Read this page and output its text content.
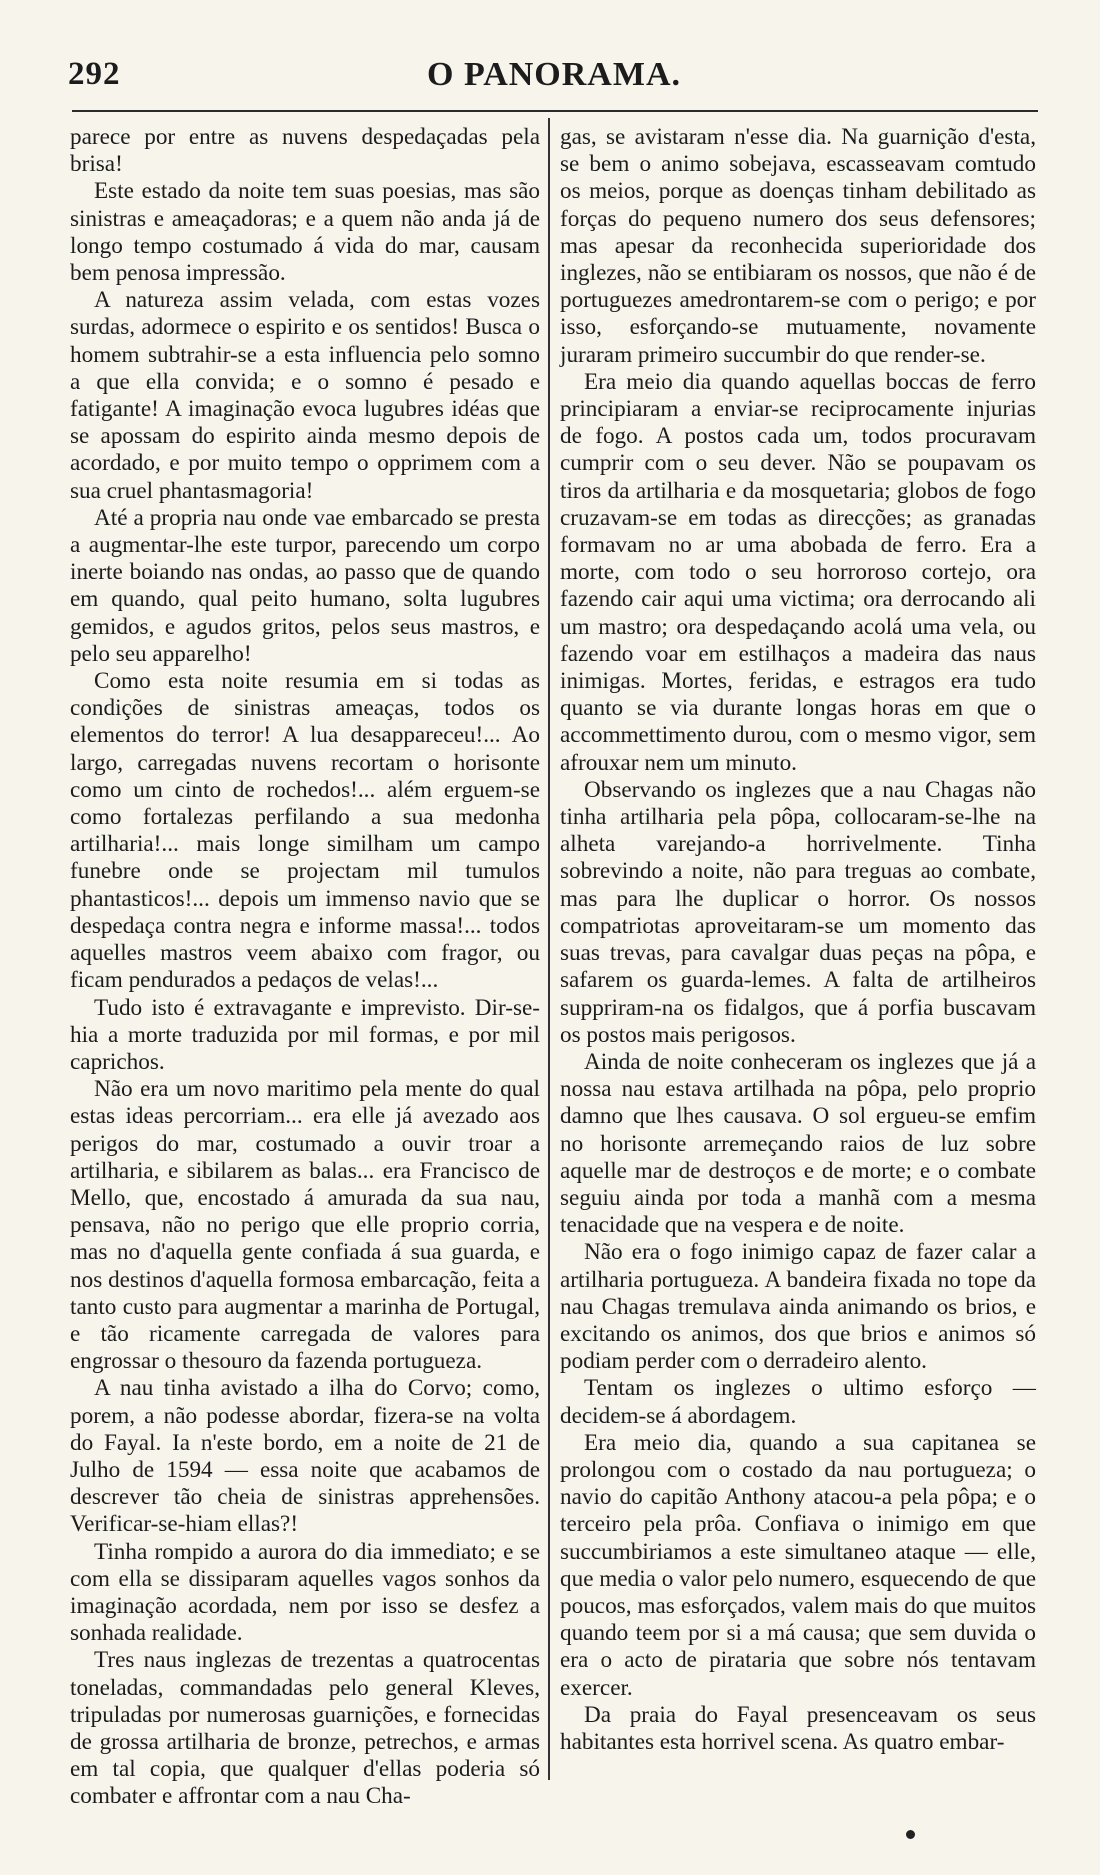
292	O PANORAMA.

parece por entre as nuvens despedaçadas pela brisa!

Este estado da noite tem suas poesias, mas são sinistras e ameaçadoras; e a quem não anda já de longo tempo costumado á vida do mar, causam bem penosa impressão.

A natureza assim velada, com estas vozes surdas, adormece o espirito e os sentidos! Busca o homem subtrahir-se a esta influencia pelo somno a que ella convida; e o somno é pesado e fatigante! A imaginação evoca lugubres idéas que se apossam do espirito ainda mesmo depois de acordado, e por muito tempo o opprimem com a sua cruel phantasmagoria!

Até a propria nau onde vae embarcado se presta a augmentar-lhe este turpor, parecendo um corpo inerte boiando nas ondas, ao passo que de quando em quando, qual peito humano, solta lugubres gemidos, e agudos gritos, pelos seus mastros, e pelo seu apparelho!

Como esta noite resumia em si todas as condições de sinistras ameaças, todos os elementos do terror! A lua desappareceu!... Ao largo, carregadas nuvens recortam o horisonte como um cinto de rochedos!... além erguem-se como fortalezas perfilando a sua medonha artilharia!... mais longe similham um campo funebre onde se projectam mil tumulos phantasticos!... depois um immenso navio que se despedaça contra negra e informe massa!... todos aquelles mastros veem abaixo com fragor, ou ficam pendurados a pedaços de velas!...

Tudo isto é extravagante e imprevisto. Dir-se-hia a morte traduzida por mil formas, e por mil caprichos.

Não era um novo maritimo pela mente do qual estas ideas percorriam... era elle já avezado aos perigos do mar, costumado a ouvir troar a artilharia, e sibilarem as balas... era Francisco de Mello, que, encostado á amurada da sua nau, pensava, não no perigo que elle proprio corria, mas no d'aquella gente confiada á sua guarda, e nos destinos d'aquella formosa embarcação, feita a tanto custo para augmentar a marinha de Portugal, e tão ricamente carregada de valores para engrossar o thesouro da fazenda portugueza.

A nau tinha avistado a ilha do Corvo; como, porem, a não podesse abordar, fizera-se na volta do Fayal. Ia n'este bordo, em a noite de 21 de Julho de 1594 — essa noite que acabamos de descrever tão cheia de sinistras apprehensões. Verificar-se-hiam ellas?!

Tinha rompido a aurora do dia immediato; e se com ella se dissiparam aquelles vagos sonhos da imaginação acordada, nem por isso se desfez a sonhada realidade.

Tres naus inglezas de trezentas a quatrocentas toneladas, commandadas pelo general Kleves, tripuladas por numerosas guarnições, e fornecidas de grossa artilharia de bronze, petrechos, e armas em tal copia, que qualquer d'ellas poderia só combater e affrontar com a nau Cha-

gas, se avistaram n'esse dia. Na guarnição d'esta, se bem o animo sobejava, escasseavam comtudo os meios, porque as doenças tinham debilitado as forças do pequeno numero dos seus defensores; mas apesar da reconhecida superioridade dos inglezes, não se entibiaram os nossos, que não é de portuguezes amedrontarem-se com o perigo; e por isso, esforçando-se mutuamente, novamente juraram primeiro succumbir do que render-se.

Era meio dia quando aquellas boccas de ferro principiaram a enviar-se reciprocamente injurias de fogo. A postos cada um, todos procuravam cumprir com o seu dever. Não se poupavam os tiros da artilharia e da mosquetaria; globos de fogo cruzavam-se em todas as direcções; as granadas formavam no ar uma abobada de ferro. Era a morte, com todo o seu horroroso cortejo, ora fazendo cair aqui uma victima; ora derrocando ali um mastro; ora despedaçando acolá uma vela, ou fazendo voar em estilhaços a madeira das naus inimigas. Mortes, feridas, e estragos era tudo quanto se via durante longas horas em que o accommettimento durou, com o mesmo vigor, sem afrouxar nem um minuto.

Observando os inglezes que a nau Chagas não tinha artilharia pela pôpa, collocaram-se-lhe na alheta varejando-a horrivelmente. Tinha sobrevindo a noite, não para treguas ao combate, mas para lhe duplicar o horror. Os nossos compatriotas aproveitaram-se um momento das suas trevas, para cavalgar duas peças na pôpa, e safarem os guarda-lemes. A falta de artilheiros suppriram-na os fidalgos, que á porfia buscavam os postos mais perigosos.

Ainda de noite conheceram os inglezes que já a nossa nau estava artilhada na pôpa, pelo proprio damno que lhes causava. O sol ergueu-se emfim no horisonte arremeçando raios de luz sobre aquelle mar de destroços e de morte; e o combate seguiu ainda por toda a manhã com a mesma tenacidade que na vespera e de noite.

Não era o fogo inimigo capaz de fazer calar a artilharia portugueza. A bandeira fixada no tope da nau Chagas tremulava ainda animando os brios, e excitando os animos, dos que brios e animos só podiam perder com o derradeiro alento.

Tentam os inglezes o ultimo esforço — decidem-se á abordagem.

Era meio dia, quando a sua capitanea se prolongou com o costado da nau portugueza; o navio do capitão Anthony atacou-a pela pôpa; e o terceiro pela prôa. Confiava o inimigo em que succumbiriamos a este simultaneo ataque — elle, que media o valor pelo numero, esquecendo de que poucos, mas esforçados, valem mais do que muitos quando teem por si a má causa; que sem duvida o era o acto de piratariа que sobre nós tentavam exercer.

Da praia do Fayal presenceavam os seus habitantes esta horrivel scena. As quatro embar-
